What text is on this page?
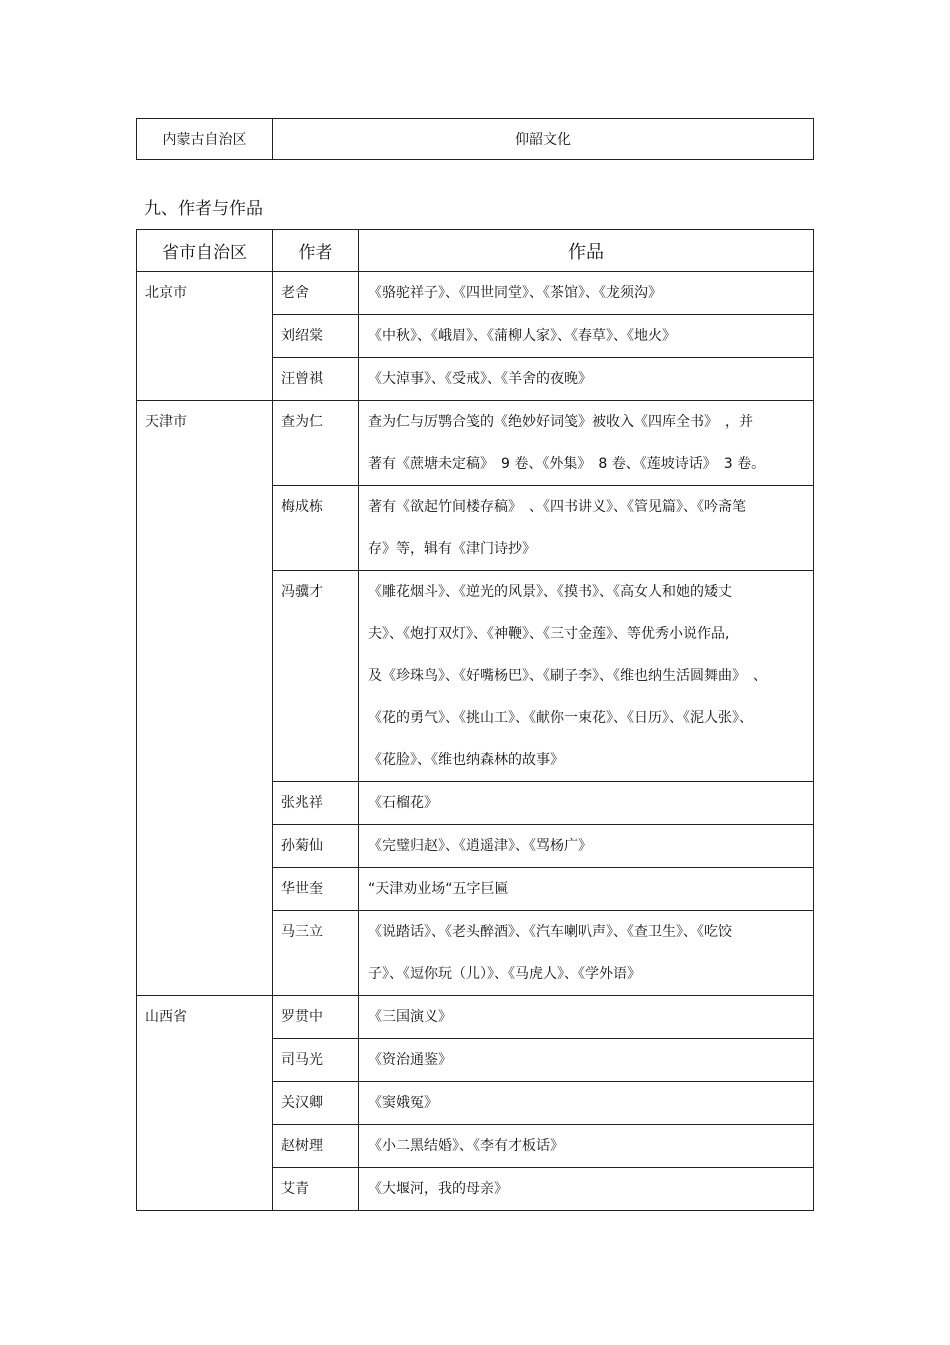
内蒙古自治区	仰韶文化
九、作者与作品
省市自治区	作者	作品
北京市	老舍	《骆驼祥子》、《四世同堂》、《茶馆》、《龙须沟》

	刘绍棠	《中秋》、《峨眉》、《蒲柳人家》、《春草》、《地火》

	汪曾祺	《大淖事》、《受戒》、《羊舍的夜晚》

天津市	查为仁	查为仁与厉鹗合笺的《绝妙好词笺》被收入《四库全书》　，并
著有《蔗塘未定稿》　9 卷、《外集》　8 卷、《莲坡诗话》　3 卷。

	梅成栋	著有《欲起竹间楼存稿》　、《四书讲义》、《管见篇》、《吟斋笔
存》等，辑有《津门诗抄》

	冯骥才	《雕花烟斗》、《逆光的风景》、《摸书》、《高女人和她的矮丈
夫》、《炮打双灯》、《神鞭》、《三寸金莲》、等优秀小说作品,
及《珍珠鸟》、《好嘴杨巴》、《刷子李》、《维也纳生活圆舞曲》　、
《花的勇气》、《挑山工》、《献你一束花》、《日历》、《泥人张》、
《花脸》、《维也纳森林的故事》

	张兆祥	《石榴花》

	孙菊仙	《完璧归赵》、《逍遥津》、《骂杨广》

	华世奎	“天津劝业场“五字巨匾

	马三立	《说踏话》、《老头醉酒》、《汽车喇叭声》、《查卫生》、《吃饺
子》、《逗你玩（儿）》、《马虎人》、《学外语》

山西省	罗贯中	《三国演义》

	司马光	《资治通鉴》

	关汉卿	《窦娥冤》

	赵树理	《小二黑结婚》、《李有才板话》

	艾青	《大堰河，我的母亲》
